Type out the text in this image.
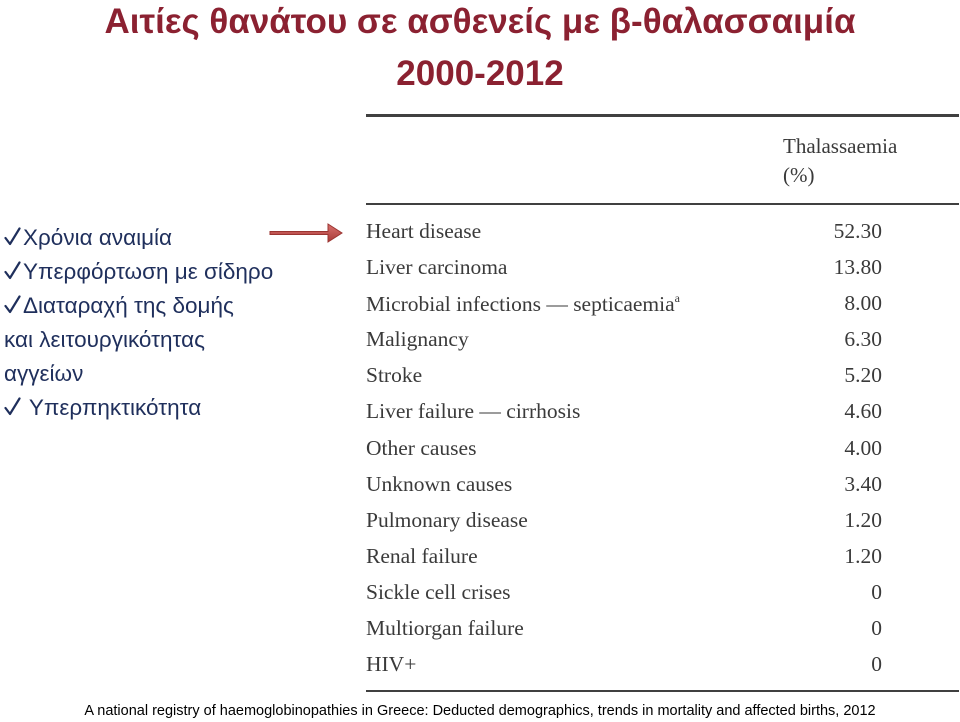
Αιτίες θανάτου σε ασθενείς με β-θαλασσαιμία
2000-2012
Χρόνια αναιμία
Υπερφόρτωση με σίδηρο
Διαταραχή της δομής
και λειτουργικότητας
αγγείων
Υπερπηκτικότητα
Thalassaemia
(%)
Heart disease	52.30
Liver carcinoma	13.80
Microbial infections — septicaemia$^a$	8.00
Malignancy	6.30
Stroke	5.20
Liver failure — cirrhosis	4.60
Other causes	4.00
Unknown causes	3.40
Pulmonary disease	1.20
Renal failure	1.20
Sickle cell crises	0
Multiorgan failure	0
HIV+	0
A national registry of haemoglobinopathies in Greece: Deducted demographics, trends in mortality and affected births, 2012
